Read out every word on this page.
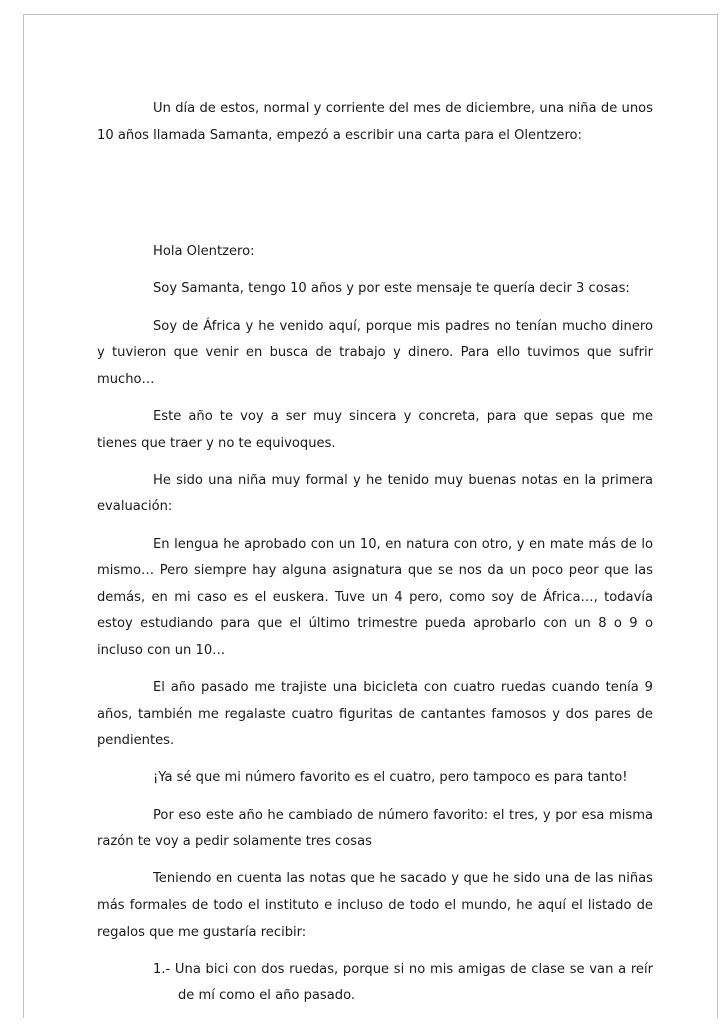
Un día de estos, normal y corriente del mes de diciembre, una niña de unos 10 años llamada Samanta, empezó a escribir una carta para el Olentzero:

Hola Olentzero:

Soy Samanta, tengo 10 años y por este mensaje te quería decir 3 cosas:

Soy de África y he venido aquí, porque mis padres no tenían mucho dinero y tuvieron que venir en busca de trabajo y dinero. Para ello tuvimos que sufrir mucho…

Este año te voy a ser muy sincera y concreta, para que sepas que me tienes que traer y no te equivoques.

He sido una niña muy formal y he tenido muy buenas notas en la primera evaluación:

En lengua he aprobado con un 10, en natura con otro, y en mate más de lo mismo… Pero siempre hay alguna asignatura que se nos da un poco peor que las demás, en mi caso es el euskera. Tuve un 4 pero, como soy de África…, todavía estoy estudiando para que el último trimestre pueda aprobarlo con un 8 o 9 o incluso con un 10…

El año pasado me trajiste una bicicleta con cuatro ruedas cuando tenía 9 años, también me regalaste cuatro figuritas de cantantes famosos y dos pares de pendientes.

¡Ya sé que mi número favorito es el cuatro, pero tampoco es para tanto!

Por eso este año he cambiado de número favorito: el tres, y por esa misma razón te voy a pedir solamente tres cosas

Teniendo en cuenta las notas que he sacado y que he sido una de las niñas más formales de todo el instituto e incluso de todo el mundo, he aquí el listado de regalos que me gustaría recibir:

1.- Una bici con dos ruedas, porque si no mis amigas de clase se van a reír de mí como el año pasado.
